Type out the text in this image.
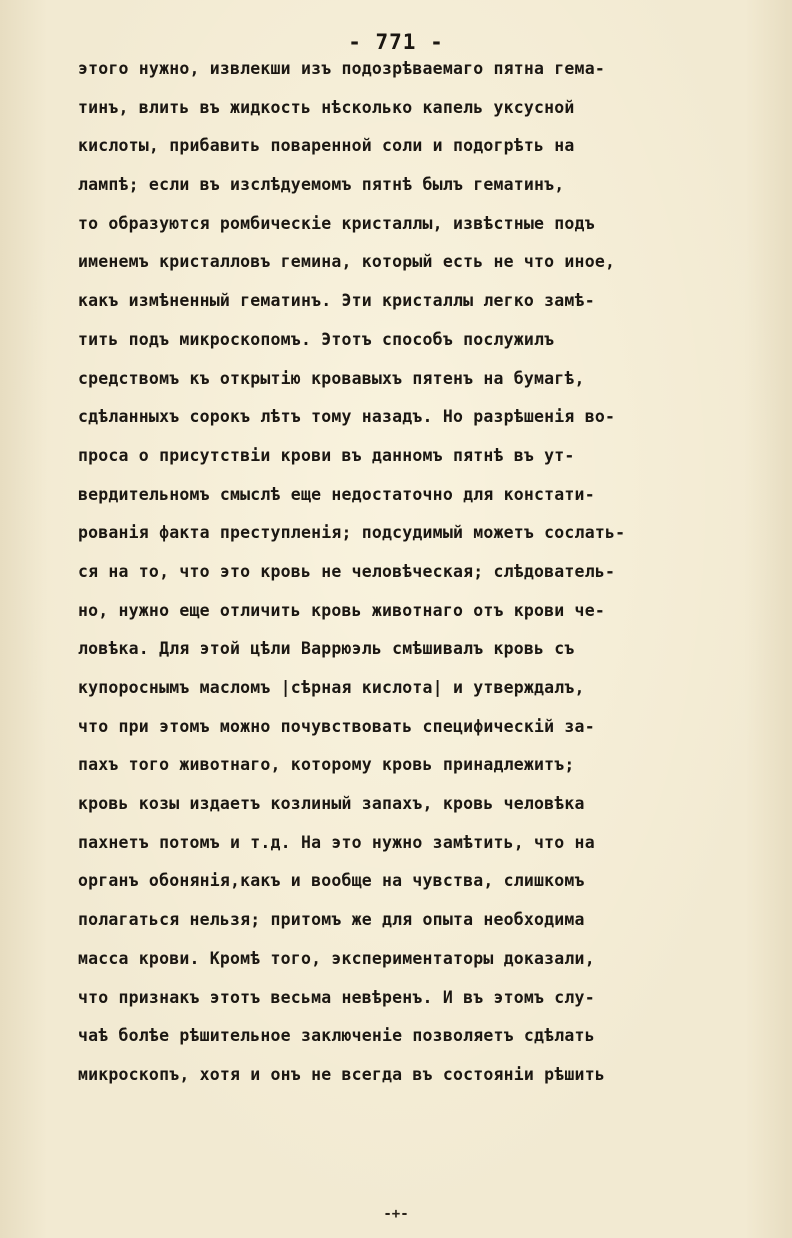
- 771 -
этого нужно, извлекши изъ подозрѣваемаго пятна гема-
тинъ, влить въ жидкость нѣсколько капель уксусной
кислоты, прибавить поваренной соли и подогрѣть на
лампѣ; если въ изслѣдуемомъ пятнѣ былъ гематинъ,
то образуются ромбическіе кристаллы, извѣстные подъ
именемъ кристалловъ гемина, который есть не что иное,
какъ измѣненный гематинъ. Эти кристаллы легко замѣ-
тить подъ микроскопомъ. Этотъ способъ послужилъ
средствомъ къ открытію кровавыхъ пятенъ на бумагѣ,
сдѣланныхъ сорокъ лѣтъ тому назадъ. Но разрѣшенія во-
проса о присутствіи крови въ данномъ пятнѣ въ ут-
вердительномъ смыслѣ еще недостаточно для констати-
рованія факта преступленія; подсудимый можетъ сослать-
ся на то, что это кровь не человѣческая; слѣдователь-
но, нужно еще отличить кровь животнаго отъ крови че-
ловѣка. Для этой цѣли Варрюэль смѣшивалъ кровь съ
купороснымъ масломъ |сѣрная кислота| и утверждалъ,
что при этомъ можно почувствовать специфическій за-
пахъ того животнаго, которому кровь принадлежитъ;
кровь козы издаетъ козлиный запахъ, кровь человѣка
пахнетъ потомъ и т.д. На это нужно замѣтить, что на
органъ обонянія,какъ и вообще на чувства, слишкомъ
полагаться нельзя; притомъ же для опыта необходима
масса крови. Кромѣ того, экспериментаторы доказали,
что признакъ этотъ весьма невѣренъ. И въ этомъ слу-
чаѣ болѣе рѣшительное заключеніе позволяетъ сдѣлать
микроскопъ, хотя и онъ не всегда въ состояніи рѣшить
-+-
